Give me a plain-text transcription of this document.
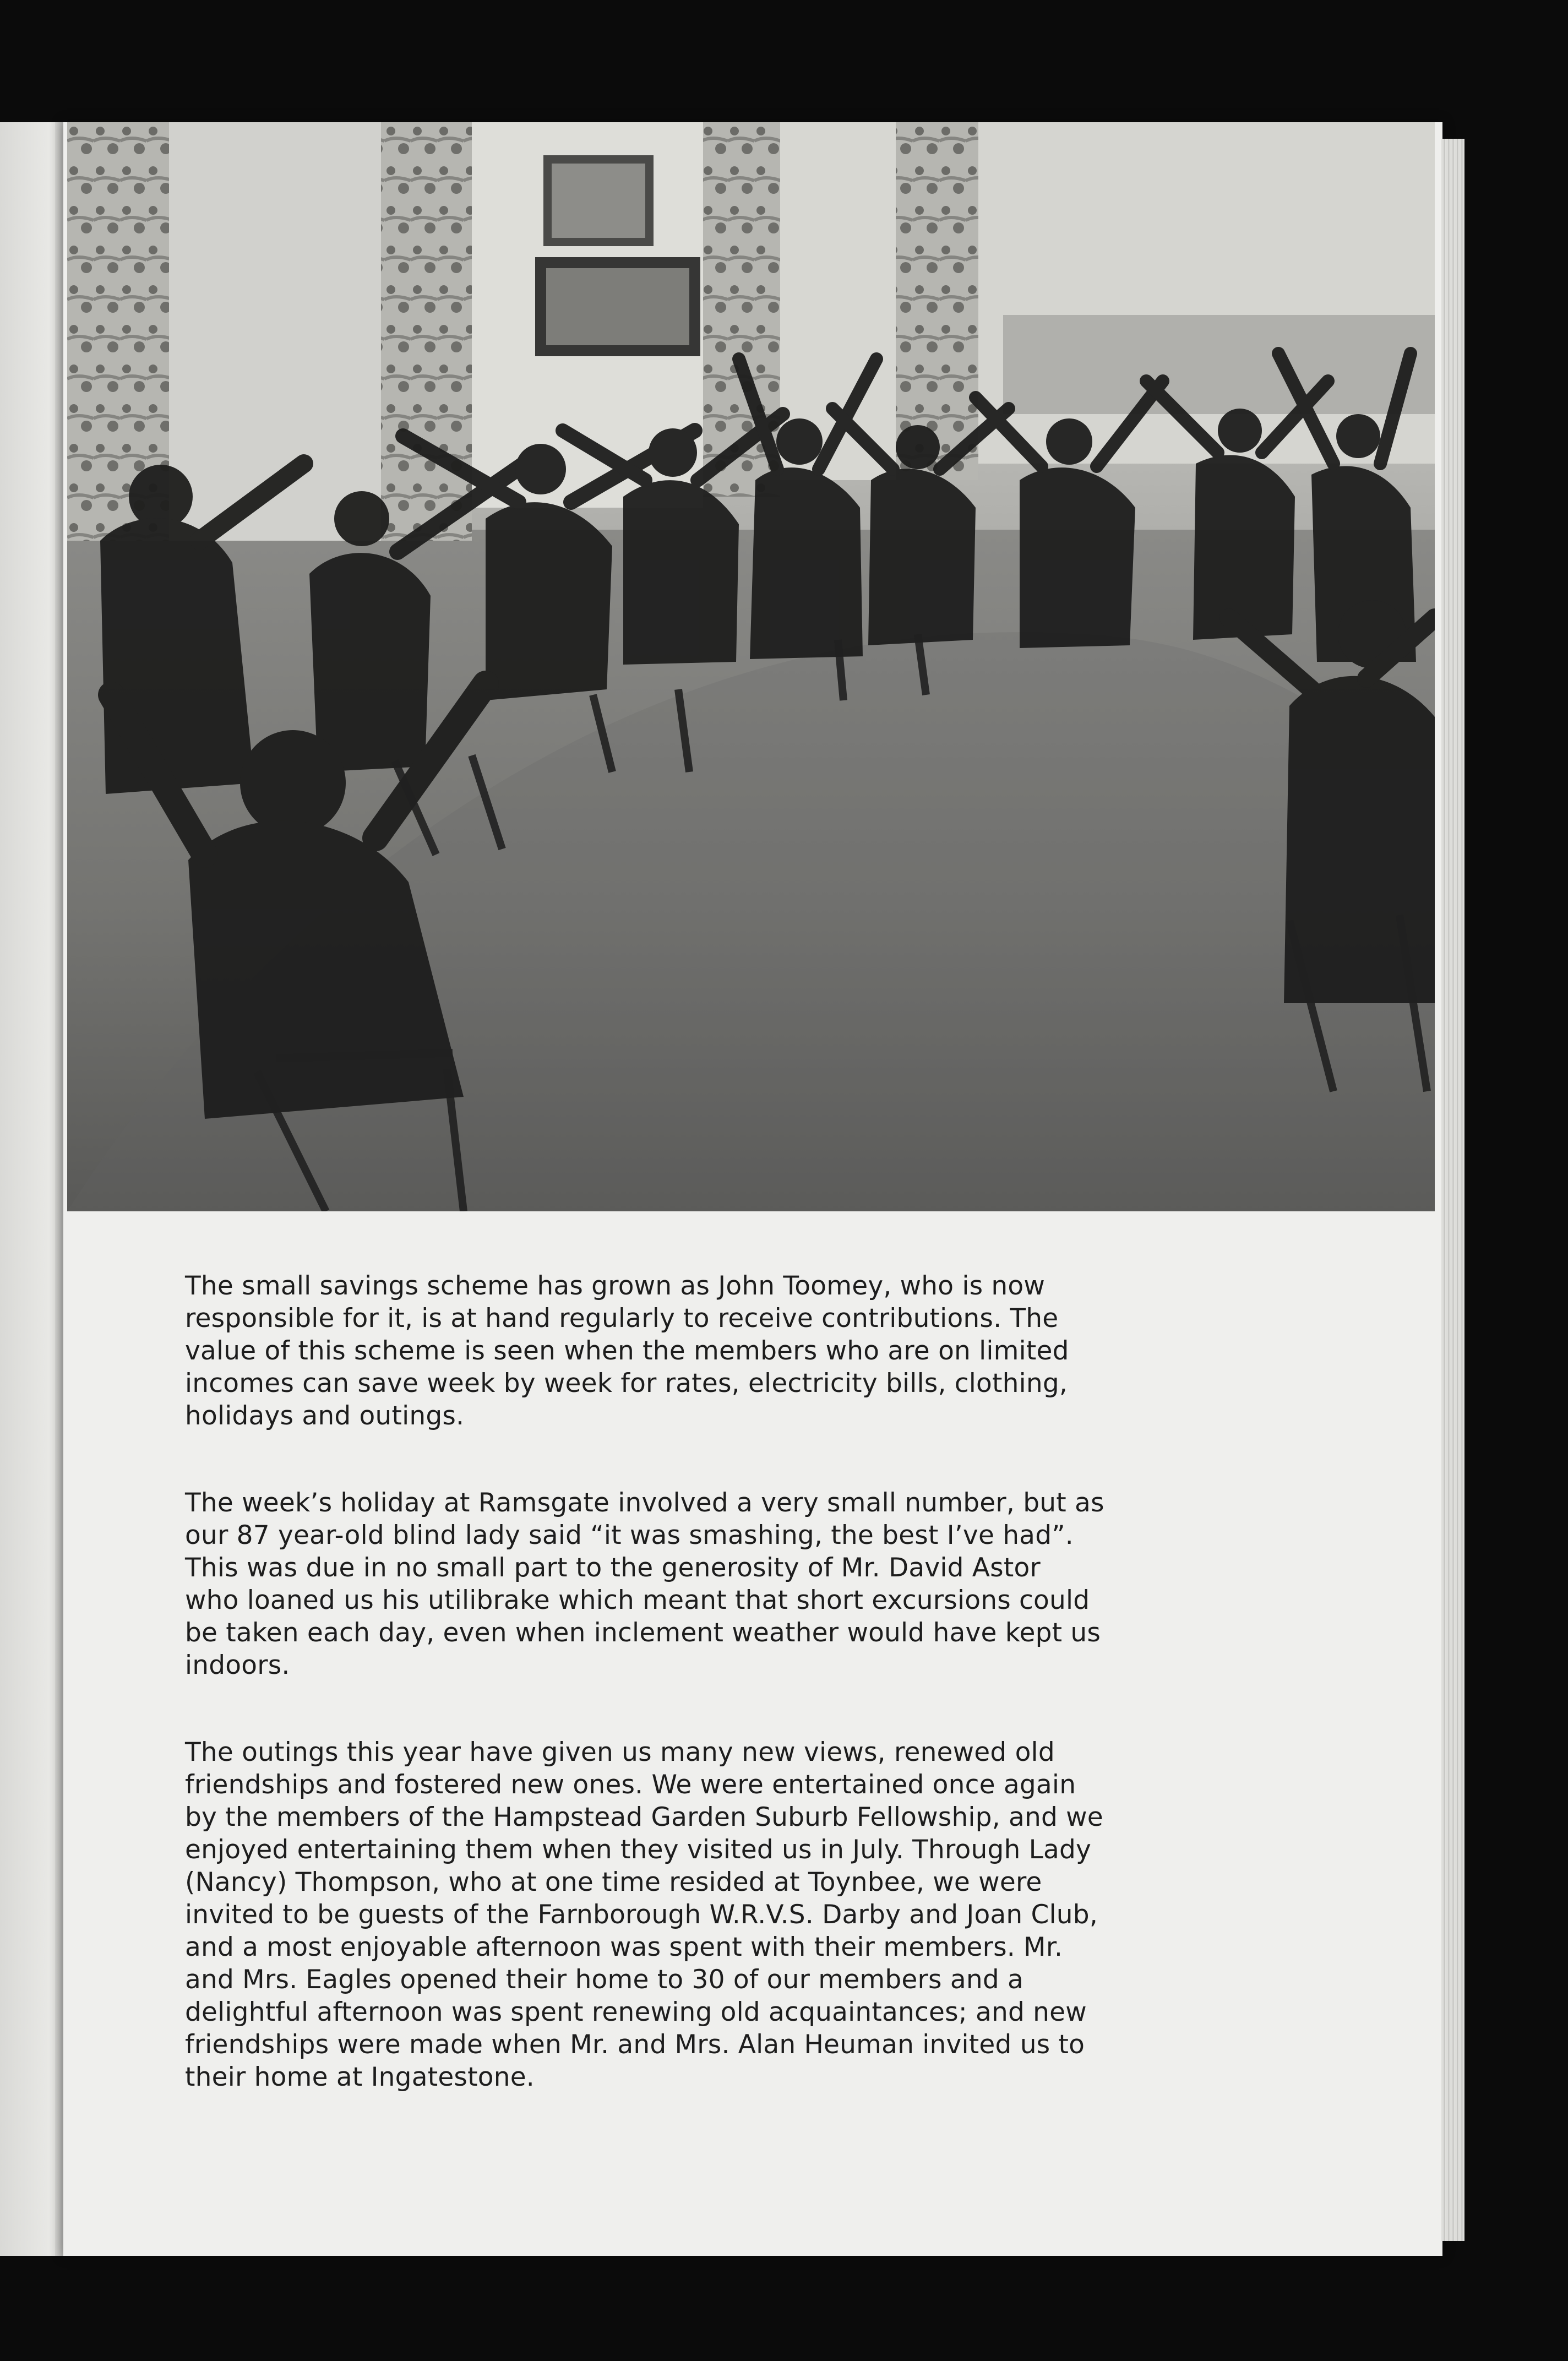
The small savings scheme has grown as John Toomey, who is now
responsible for it, is at hand regularly to receive contributions. The
value of this scheme is seen when the members who are on limited
incomes can save week by week for rates, electricity bills, clothing,
holidays and outings.

The week’s holiday at Ramsgate involved a very small number, but as
our 87 year-old blind lady said “it was smashing, the best I’ve had”.
This was due in no small part to the generosity of Mr. David Astor
who loaned us his utilibrake which meant that short excursions could
be taken each day, even when inclement weather would have kept us
indoors.

The outings this year have given us many new views, renewed old
friendships and fostered new ones. We were entertained once again
by the members of the Hampstead Garden Suburb Fellowship, and we
enjoyed entertaining them when they visited us in July. Through Lady
(Nancy) Thompson, who at one time resided at Toynbee, we were
invited to be guests of the Farnborough W.R.V.S. Darby and Joan Club,
and a most enjoyable afternoon was spent with their members. Mr.
and Mrs. Eagles opened their home to 30 of our members and a
delightful afternoon was spent renewing old acquaintances; and new
friendships were made when Mr. and Mrs. Alan Heuman invited us to
their home at Ingatestone.
